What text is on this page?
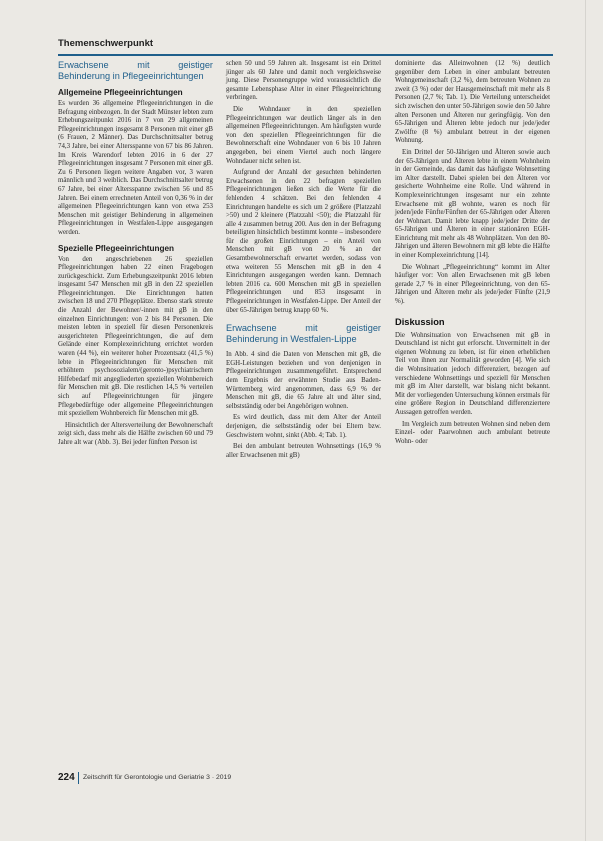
Themenschwerpunkt
Erwachsene mit geistiger Behinderung in Pflegeeinrichtungen
Allgemeine Pflegeeinrichtungen

Es wurden 36 allgemeine Pflegeeinrichtungen in die Befragung einbezogen. In der Stadt Münster lebten zum Erhebungszeitpunkt 2016 in 7 von 29 allgemeinen Pflegeeinrichtungen insgesamt 8 Personen mit einer gB (6 Frauen, 2 Männer). Das Durchschnittsalter betrug 74,3 Jahre, bei einer Altersspanne von 67 bis 86 Jahren. Im Kreis Warendorf lebten 2016 in 6 der 27 Pflegeeinrichtungen insgesamt 7 Personen mit einer gB. Zu 6 Personen liegen weitere Angaben vor, 3 waren männlich und 3 weiblich. Das Durchschnittsalter betrug 67 Jahre, bei einer Altersspanne zwischen 56 und 85 Jahren. Bei einem errechneten Anteil von 0,36 % in der allgemeinen Pflegeeinrichtungen kann von etwa 253 Menschen mit geistiger Behinderung in allgemeinen Pflegeeinrichtungen in Westfalen-Lippe ausgegangen werden.

Spezielle Pflegeeinrichtungen

Von den angeschriebenen 26 speziellen Pflegeeinrichtungen haben 22 einen Fragebogen zurückgeschickt. Zum Erhebungszeitpunkt 2016 lebten insgesamt 547 Menschen mit gB in den 22 speziellen Pflegeeinrichtungen. Die Einrichtungen hatten zwischen 18 und 270 Pflegeplätze. Ebenso stark streute die Anzahl der Bewohner/-innen mit gB in den einzelnen Einrichtungen: von 2 bis 84 Personen. Die meisten lebten in speziell für diesen Personenkreis ausgerichteten Pflegeeinrichtungen, die auf dem Gelände einer Komplexeinrichtung errichtet worden waren (44 %), ein weiterer hoher Prozentsatz (41,5 %) lebte in Pflegeeinrichtungen für Menschen mit erhöhtem psychosozialem/(geronto-)psychiatrischem Hilfebedarf mit angegliederten speziellen Wohnbereich für Menschen mit gB. Die restlichen 14,5 % verteilen sich auf Pflegeeinrichtungen für jüngere Pflegebedürftige oder allgemeine Pflegeeinrichtungen mit speziellem Wohnbereich für Menschen mit gB.

Hinsichtlich der Altersverteilung der Bewohnerschaft zeigt sich, dass mehr als die Hälfte zwischen 60 und 79 Jahre alt war (Abb. 3). Bei jeder fünften Person ist

schen 50 und 59 Jahren alt. Insgesamt ist ein Drittel jünger als 60 Jahre und damit noch vergleichsweise jung. Diese Personengruppe wird voraussichtlich die gesamte Lebensphase Alter in einer Pflegeeinrichtung verbringen.

Die Wohndauer in den speziellen Pflegeeinrichtungen war deutlich länger als in den allgemeinen Pflegeeinrichtungen. Am häufigsten wurde von den speziellen Pflegeeinrichtungen für die Bewohnerschaft eine Wohndauer von 6 bis 10 Jahren angegeben, bei einem Viertel auch noch längere Wohndauer nicht selten ist.

Aufgrund der Anzahl der gesuchten behinderten Erwachsenen in den 22 befragten speziellen Pflegeeinrichtungen ließen sich die Werte für die fehlenden 4 schätzen. Bei den fehlenden 4 Einrichtungen handelte es sich um 2 größere (Platzzahl >50) und 2 kleinere (Platzzahl <50); die Platzzahl für alle 4 zusammen betrug 200. Aus den in der Befragung beteiligten hinsichtlich bestimmt konnte – insbesondere für die großen Einrichtungen – ein Anteil von Menschen mit gB von 20 % an der Gesamtbewohnerschaft erwartet werden, sodass von etwa weiteren 55 Menschen mit gB in den 4 Einrichtungen ausgegangen werden kann. Demnach lebten 2016 ca. 600 Menschen mit gB in speziellen Pflegeeinrichtungen und 853 insgesamt in Pflegeeinrichtungen in Westfalen-Lippe. Der Anteil der über 65-Jährigen betrug knapp 60 %.

Erwachsene mit geistiger Behinderung in Westfalen-Lippe

In Abb. 4 sind die Daten von Menschen mit gB, die EGH-Leistungen beziehen und von denjenigen in Pflegeeinrichtungen zusammengeführt. Entsprechend dem Ergebnis der erwähnten Studie aus Baden-Württemberg wird angenommen, dass 6,9 % der Menschen mit gB, die 65 Jahre alt und älter sind, selbstständig oder bei Angehörigen wohnen.

Es wird deutlich, dass mit dem Alter der Anteil derjenigen, die selbstständig oder bei Eltern bzw. Geschwistern wohnt, sinkt (Abb. 4; Tab. 1).

Bei den ambulant betreuten Wohnsettings (16,9 % aller Erwachsenen mit gB)

dominierte das Alleinwohnen (12 %) deutlich gegenüber dem Leben in einer ambulant betreuten Wohngemeinschaft (3,2 %), dem betreuten Wohnen zu zweit (3 %) oder der Hausgemeinschaft mit mehr als 8 Personen (2,7 %; Tab. 1). Die Verteilung unterscheidet sich zwischen den unter 50-Jährigen sowie den 50 Jahre alten Personen und Älteren nur geringfügig. Von den 65-Jährigen und Älteren lebte jedoch nur jede/jeder Zwölfte (8 %) ambulant betreut in der eigenen Wohnung.

Ein Drittel der 50-Jährigen und Älteren sowie auch der 65-Jährigen und Älteren lebte in einem Wohnheim in der Gemeinde, das damit das häufigste Wohnsetting im Alter darstellt. Dabei spielen bei den Älteren vor gesicherte Wohnheime eine Rolle. Und während in Komplexeinrichtungen insgesamt nur ein zehnte Erwachsene mit gB wohnte, waren es noch für jeden/jede Fünfte/Fünften der 65-Jährigen oder Älteren der Wohnart. Damit lebte knapp jede/jeder Dritte der 65-Jährigen und Älteren in einer stationären EGH-Einrichtung mit mehr als 48 Wohnplätzen. Von den 80-Jährigen und älteren Bewohnern mit gB lebte die Hälfte in einer Komplexeinrichtung [14].

Die Wohnart „Pflegeeinrichtung“ kommt im Alter häufiger vor: Von allen Erwachsenen mit gB leben gerade 2,7 % in einer Pflegeeinrichtung, von den 65-Jährigen und Älteren mehr als jede/jeder Fünfte (21,9 %).

Diskussion

Die Wohnsituation von Erwachsenen mit gB in Deutschland ist nicht gut erforscht. Unvermittelt in der eigenen Wohnung zu leben, ist für einen erheblichen Teil von ihnen zur Normalität geworden [4]. Wie sich die Wohnsituation jedoch differenziert, bezogen auf verschiedene Wohnsettings und speziell für Menschen mit gB im Alter darstellt, war bislang nicht bekannt. Mit der vorliegenden Untersuchung können erstmals für eine größere Region in Deutschland differenziertere Aussagen getroffen werden.

Im Vergleich zum betreuten Wohnen sind neben dem Einzel- oder Paarwohnen auch ambulant betreute Wohn- oder

224 Zeitschrift für Gerontologie und Geriatrie 3 · 2019
